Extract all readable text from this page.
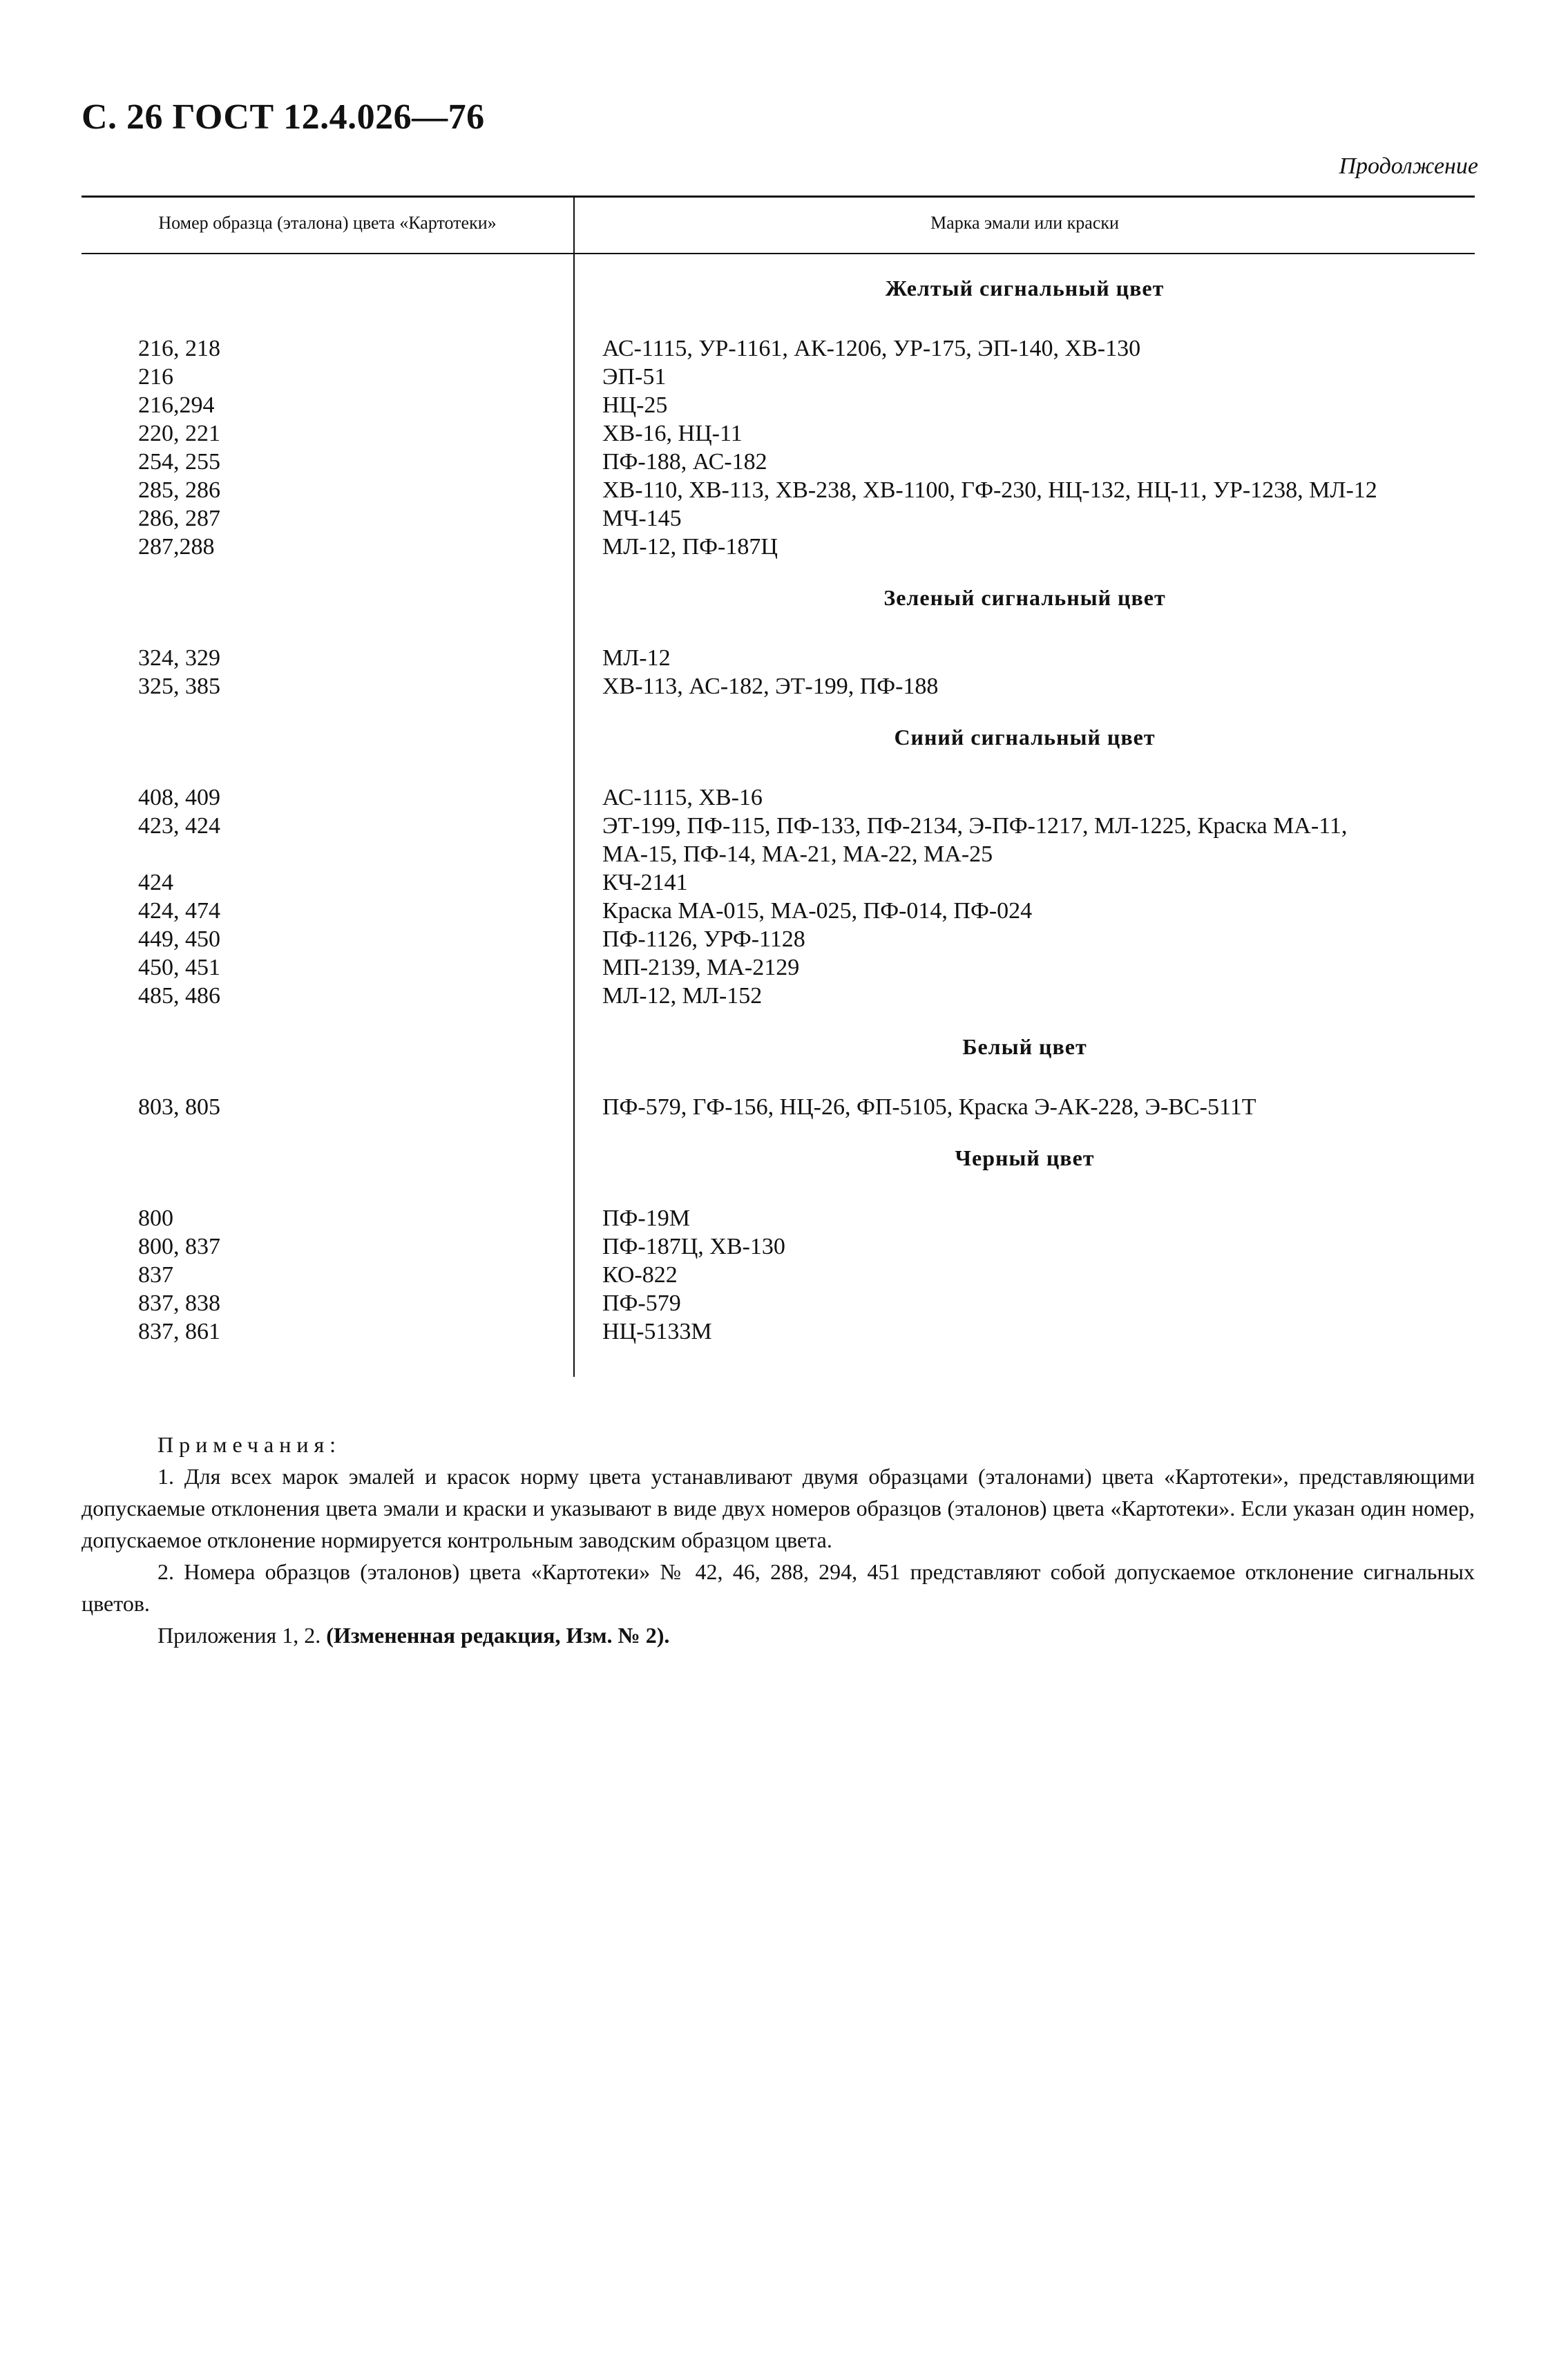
С. 26 ГОСТ 12.4.026—76
Продолжение
Номер образца (эталона) цвета «Картотеки»	Марка эмали или краски
Желтый сигнальный цвет
216, 218	АС-1115, УР-1161, АК-1206, УР-175, ЭП-140, ХВ-130
216	ЭП-51
216,294	НЦ-25
220, 221	ХВ-16, НЦ-11
254, 255	ПФ-188, АС-182
285, 286	ХВ-110, ХВ-113, ХВ-238, ХВ-1100, ГФ-230, НЦ-132, НЦ-11, УР-1238, МЛ-12
286, 287	МЧ-145
287,288	МЛ-12, ПФ-187Ц
Зеленый сигнальный цвет
324, 329	МЛ-12
325, 385	ХВ-113, АС-182, ЭТ-199, ПФ-188
Синий сигнальный цвет
408, 409	АС-1115, ХВ-16
423, 424	ЭТ-199, ПФ-115, ПФ-133, ПФ-2134, Э-ПФ-1217, МЛ-1225, Краска МА-11,
МА-15, ПФ-14, МА-21, МА-22, МА-25
424	КЧ-2141
424, 474	Краска МА-015, МА-025, ПФ-014, ПФ-024
449, 450	ПФ-1126, УРФ-1128
450, 451	МП-2139, МА-2129
485, 486	МЛ-12, МЛ-152
Белый цвет
803, 805	ПФ-579, ГФ-156, НЦ-26, ФП-5105, Краска Э-АК-228, Э-ВС-511Т
Черный цвет
800	ПФ-19М
800, 837	ПФ-187Ц, ХВ-130
837	КО-822
837, 838	ПФ-579
837, 861	НЦ-5133М

Примечания:

1. Для всех марок эмалей и красок норму цвета устанавливают двумя образцами (эталонами) цвета «Картотеки», представляющими допускаемые отклонения цвета эмали и краски и указывают в виде двух номеров образцов (эталонов) цвета «Картотеки». Если указан один номер, допускаемое отклонение нормируется контрольным заводским образцом цвета.

2. Номера образцов (эталонов) цвета «Картотеки» № 42, 46, 288, 294, 451 представляют собой допускаемое отклонение сигнальных цветов.

Приложения 1, 2. (Измененная редакция, Изм. № 2).
